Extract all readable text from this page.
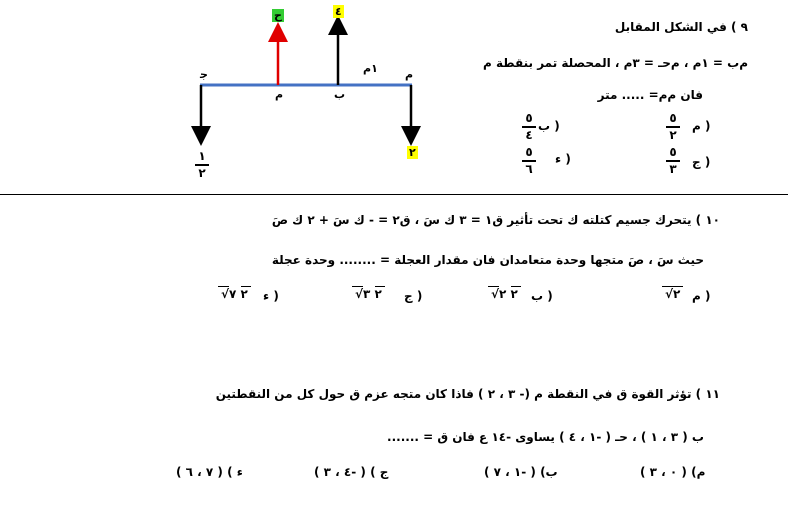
٩ ) في الشكل المقابل
ﻡب = ١م ، ﻡحـ = ٣م ، المحصلة تمر بنقطة م
فان ﻡم= ..... متر
ﻡ )
٥
٢
ب )
٥
٤
ج )
٥
٣
ء )
٥
٦
ﺟ
م	ب
ﻡ
١م
ح	٤
٢
١
٢
١٠ ) يتحرك جسيم كتلته ك تحت تأثير ﻕ١ = ٣ ك سَ ، ﻕ٢ = - ك سَ + ٢ ك صَ
حيث سَ ، صَ متجها وحدة متعامدان فان مقدار العجلة = ........ وحدة عجلة
ﻡ )
√٢
ب )
√٢ ٢
ج )
√٢ ٣
ء )
√٢ ٧
١١ ) تؤثر القوة ﻕ في النقطة ﻡ (- ٣ ، ٢ ) فاذا كان متجه عزم ﻕ حول كل من النقطتين
ب ( ٣ ، ١ ) ، حـ ( -١ ، ٤ ) يساوى -١٤ ع فان ﻕ = .......
ﻡ) ( ٠ ، ٣ )
ب) ( -١ ، ٧ )
ج ) ( -٤ ، ٣ )
ء ) ( ٧ ، ٦ )
